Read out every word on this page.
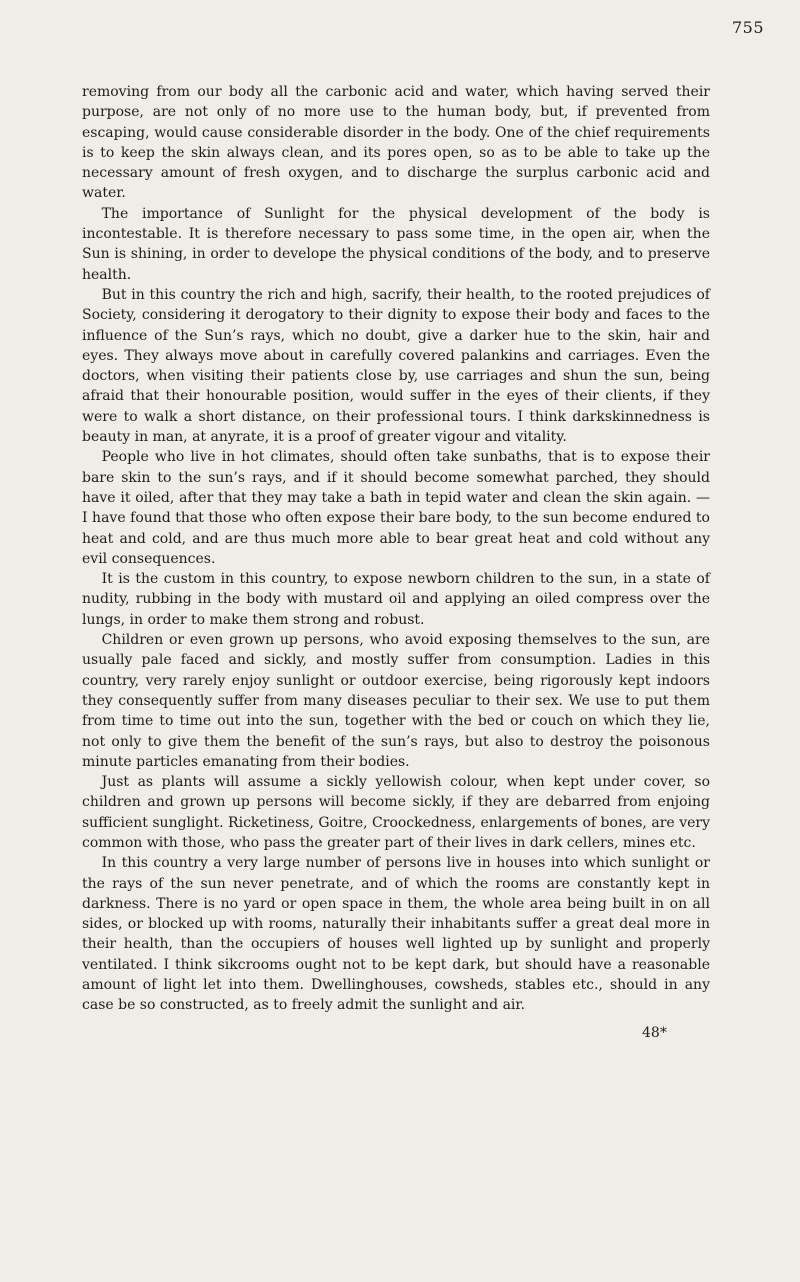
755

removing from our body all the carbonic acid and water, which having served their purpose, are not only of no more use to the human body, but, if prevented from escaping, would cause considerable disorder in the body. One of the chief requirements is to keep the skin always clean, and its pores open, so as to be able to take up the necessary amount of fresh oxygen, and to discharge the surplus carbonic acid and water.

The importance of Sunlight for the physical development of the body is incontestable. It is therefore necessary to pass some time, in the open air, when the Sun is shining, in order to develope the physical conditions of the body, and to preserve health.

But in this country the rich and high, sacrify, their health, to the rooted prejudices of Society, considering it derogatory to their dignity to expose their body and faces to the influence of the Sun’s rays, which no doubt, give a darker hue to the skin, hair and eyes. They always move about in carefully covered palankins and carriages. Even the doctors, when visiting their patients close by, use carriages and shun the sun, being afraid that their honourable position, would suffer in the eyes of their clients, if they were to walk a short distance, on their professional tours. I think darkskinnedness is beauty in man, at anyrate, it is a proof of greater vigour and vitality.

People who live in hot climates, should often take sunbaths, that is to expose their bare skin to the sun’s rays, and if it should become somewhat parched, they should have it oiled, after that they may take a bath in tepid water and clean the skin again. — I have found that those who often expose their bare body, to the sun become endured to heat and cold, and are thus much more able to bear great heat and cold without any evil consequences.

It is the custom in this country, to expose newborn children to the sun, in a state of nudity, rubbing in the body with mustard oil and applying an oiled compress over the lungs, in order to make them strong and robust.

Children or even grown up persons, who avoid exposing themselves to the sun, are usually pale faced and sickly, and mostly suffer from consumption. Ladies in this country, very rarely enjoy sunlight or outdoor exercise, being rigorously kept indoors they consequently suffer from many diseases peculiar to their sex. We use to put them from time to time out into the sun, together with the bed or couch on which they lie, not only to give them the benefit of the sun’s rays, but also to destroy the poisonous minute particles emanating from their bodies.

Just as plants will assume a sickly yellowish colour, when kept under cover, so children and grown up persons will become sickly, if they are debarred from enjoing sufficient sunglight. Ricketiness, Goitre, Croockedness, enlargements of bones, are very common with those, who pass the greater part of their lives in dark cellers, mines etc.

In this country a very large number of persons live in houses into which sunlight or the rays of the sun never penetrate, and of which the rooms are constantly kept in darkness. There is no yard or open space in them, the whole area being built in on all sides, or blocked up with rooms, naturally their inhabitants suffer a great deal more in their health, than the occupiers of houses well lighted up by sunlight and properly ventilated. I think sikcrooms ought not to be kept dark, but should have a reasonable amount of light let into them. Dwellinghouses, cowsheds, stables etc., should in any case be so constructed, as to freely admit the sunlight and air.

48*
